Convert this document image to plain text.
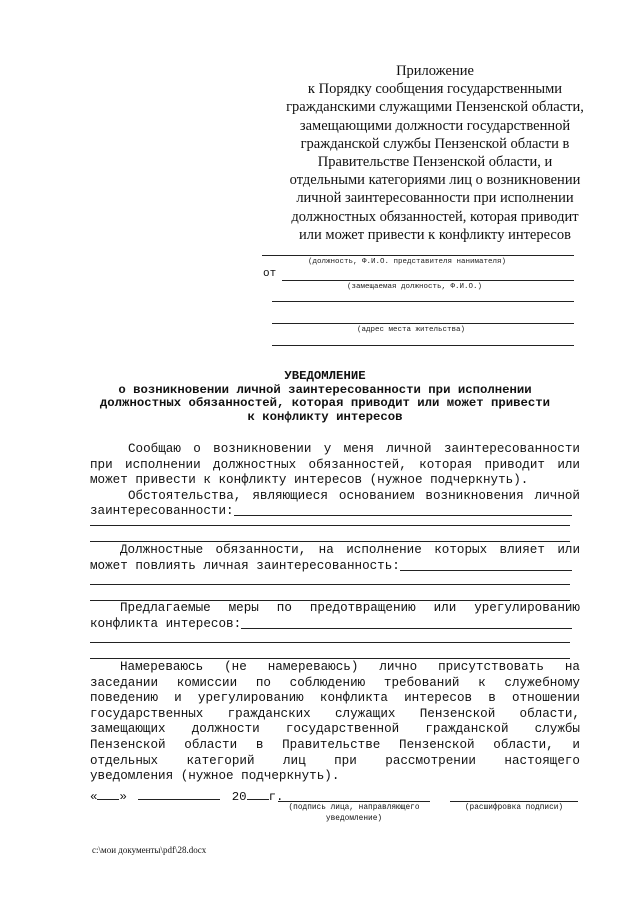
Приложение
к Порядку сообщения государственными
гражданскими служащими Пензенской области,
замещающими должности государственной
гражданской службы Пензенской области в
Правительстве Пензенской области, и
отдельными категориями лиц о возникновении
личной заинтересованности при исполнении
должностных обязанностей, которая приводит
или может привести к конфликту интересов
(должность, Ф.И.О. представителя нанимателя)
от
(замещаемая должность, Ф.И.О.)
(адрес места жительства)
УВЕДОМЛЕНИЕ
о возникновении личной заинтересованности при исполнении
должностных обязанностей, которая приводит или может привести
к конфликту интересов
Сообщаю о возникновении у меня личной заинтересованности
при исполнении должностных обязанностей, которая приводит или
может привести к конфликту интересов (нужное подчеркнуть).
Обстоятельства, являющиеся основанием возникновения личной
заинтересованности:
Должностные обязанности, на исполнение которых влияет или
может повлиять личная заинтересованность:
Предлагаемые меры по предотвращению или урегулированию
конфликта интересов:
Намереваюсь (не намереваюсь) лично присутствовать на
заседании комиссии по соблюдению требований к служебному
поведению и урегулированию конфликта интересов в отношении
государственных гражданских служащих Пензенской области,
замещающих должности государственной гражданской службы
Пензенской области в Правительстве Пензенской области, и
отдельных категорий лиц при рассмотрении настоящего
уведомления (нужное подчеркнуть).
« »	20 г.
(подпись лица, направляющего
уведомление)
(расшифровка подписи)
c:\мои документы\pdf\28.docx
